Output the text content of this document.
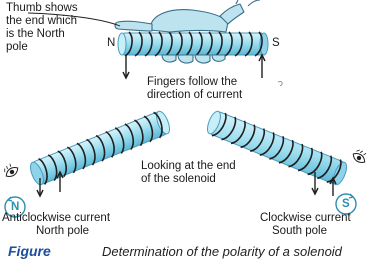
Thumb shows
the end which
is the North
pole	N	S
Fingers follow the
direction of current
Looking at the end
of the solenoid
Anticlockwise current
North pole
Clockwise current
South pole
N	S
Figure	Determination of the polarity of a solenoid
